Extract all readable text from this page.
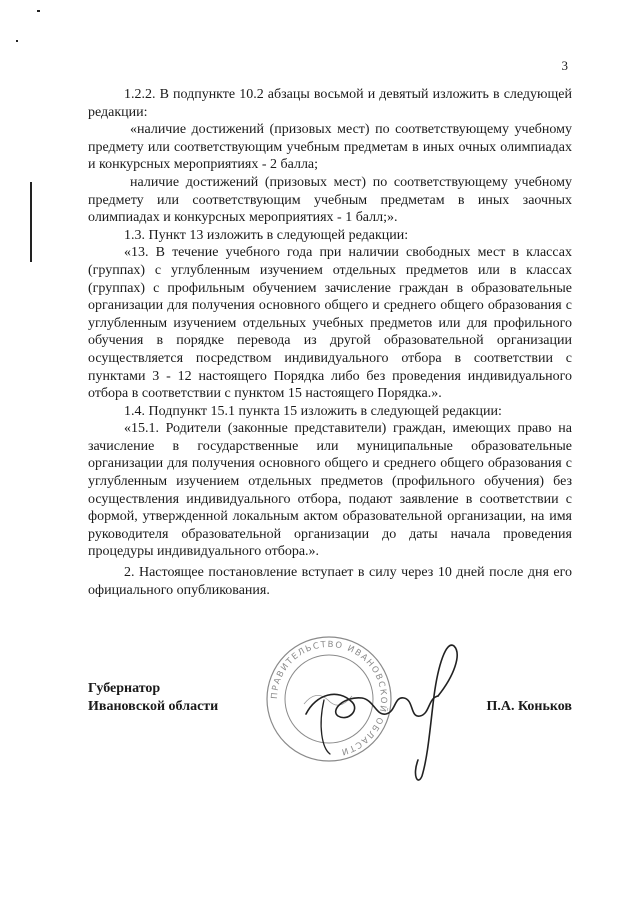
3

1.2.2. В подпункте 10.2 абзацы восьмой и девятый изложить в следующей редакции:

«наличие достижений (призовых мест) по соответствующему учебному предмету или соответствующим учебным предметам в иных очных олимпиадах и конкурсных мероприятиях - 2 балла;

наличие достижений (призовых мест) по соответствующему учебному предмету или соответствующим учебным предметам в иных заочных олимпиадах и конкурсных мероприятиях - 1 балл;».

1.3. Пункт 13 изложить в следующей редакции:

«13. В течение учебного года при наличии свободных мест в классах (группах) с углубленным изучением отдельных предметов или в классах (группах) с профильным обучением зачисление граждан в образовательные организации для получения основного общего и среднего общего образования с углубленным изучением отдельных учебных предметов или для профильного обучения в порядке перевода из другой образовательной организации осуществляется посредством индивидуального отбора в соответствии с пунктами 3 - 12 настоящего Порядка либо без проведения индивидуального отбора в соответствии с пунктом 15 настоящего Порядка.».

1.4. Подпункт 15.1 пункта 15 изложить в следующей редакции:

«15.1. Родители (законные представители) граждан, имеющих право на зачисление в государственные или муниципальные образовательные организации для получения основного общего и среднего общего образования с углубленным изучением отдельных предметов (профильного обучения) без осуществления индивидуального отбора, подают заявление в соответствии с формой, утвержденной локальным актом образовательной организации, на имя руководителя образовательной организации до даты начала проведения процедуры индивидуального отбора.».

2. Настоящее постановление вступает в силу через 10 дней после дня его официального опубликования.

Губернатор
Ивановской области
ПРАВИТЕЛЬСТВО ИВАНОВСКОЙ ОБЛАСТИ
П.А. Коньков
